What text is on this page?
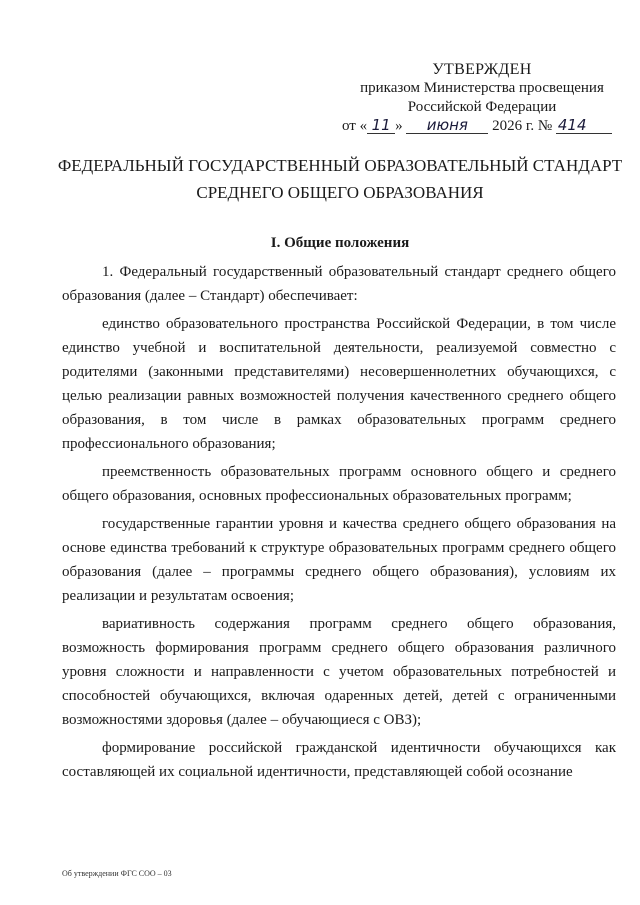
УТВЕРЖДЕН
приказом Министерства просвещения
Российской Федерации
от « 11 » июня 2026 г. № 414
ФЕДЕРАЛЬНЫЙ ГОСУДАРСТВЕННЫЙ ОБРАЗОВАТЕЛЬНЫЙ СТАНДАРТ
СРЕДНЕГО ОБЩЕГО ОБРАЗОВАНИЯ
I. Общие положения

1. Федеральный государственный образовательный стандарт среднего общего образования (далее – Стандарт) обеспечивает:

единство образовательного пространства Российской Федерации, в том числе единство учебной и воспитательной деятельности, реализуемой совместно с родителями (законными представителями) несовершеннолетних обучающихся, с целью реализации равных возможностей получения качественного среднего общего образования, в том числе в рамках образовательных программ среднего профессионального образования;

преемственность образовательных программ основного общего и среднего общего образования, основных профессиональных образовательных программ;

государственные гарантии уровня и качества среднего общего образования на основе единства требований к структуре образовательных программ среднего общего образования (далее – программы среднего общего образования), условиям их реализации и результатам освоения;

вариативность содержания программ среднего общего образования, возможность формирования программ среднего общего образования различного уровня сложности и направленности с учетом образовательных потребностей и способностей обучающихся, включая одаренных детей, детей с ограниченными возможностями здоровья (далее – обучающиеся с ОВЗ);

формирование российской гражданской идентичности обучающихся как составляющей их социальной идентичности, представляющей собой осознание

Об утверждении ФГС СОО – 03
